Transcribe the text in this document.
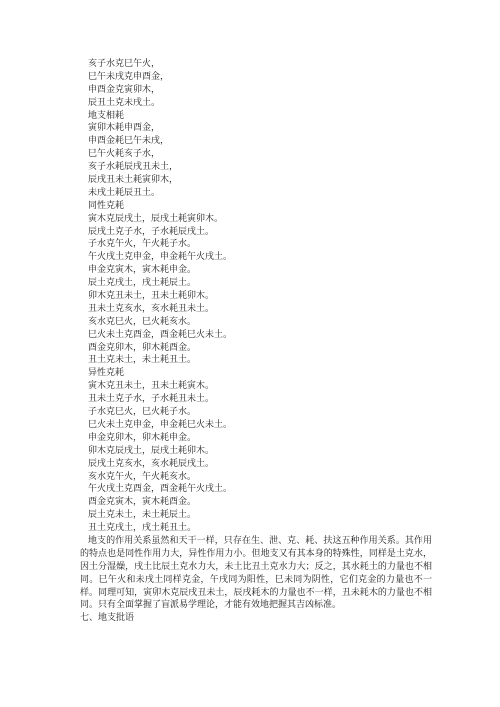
亥子水克巳午火，
巳午未戌克申酉金，
申酉金克寅卯木，
辰丑土克未戌土。
地支相耗
寅卯木耗申酉金，
申酉金耗巳午未戌，
巳午火耗亥子水，
亥子水耗辰戌丑未土，
辰戌丑未土耗寅卯木，
未戌土耗辰丑土。
同性克耗
寅木克辰戌土，辰戌土耗寅卯木。
辰戌土克子水，子水耗辰戌土。
子水克午火，午火耗子水。
午火戌土克申金，申金耗午火戌土。
申金克寅木，寅木耗申金。
辰土克戌土，戌土耗辰土。
卯木克丑未土，丑未土耗卯木。
丑未土克亥水，亥水耗丑未土。
亥水克巳火，巳火耗亥水。
巳火未土克酉金，酉金耗巳火未土。
酉金克卯木，卯木耗酉金。
丑土克未土，未土耗丑土。
异性克耗
寅木克丑未土，丑未土耗寅木。
丑未土克子水，子水耗丑未土。
子水克巳火，巳火耗子水。
巳火未土克申金，申金耗巳火未土。
申金克卯木，卯木耗申金。
卯木克辰戌土，辰戌土耗卯木。
辰戌土克亥水，亥水耗辰戌土。
亥水克午火，午火耗亥水。
午火戌土克酉金，酉金耗午火戌土。
酉金克寅木，寅木耗酉金。
辰土克未土，未土耗辰土。
丑土克戌土，戌土耗丑土。

地支的作用关系虽然和天干一样，只存在生、泄、克、耗、扶这五种作用关系。其作用的特点也是同性作用力大，异性作用力小。但地支又有其本身的特殊性，同样是土克水，因土分湿燥，戌土比辰土克水力大，未土比丑土克水力大；反之，其水耗土的力量也不相同。巳午火和未戌土同样克金，午戌同为阳性，巳未同为阴性，它们克金的力量也不一样。同理可知，寅卯木克辰戌丑未土，辰戌耗木的力量也不一样，丑未耗木的力量也不相同。只有全面掌握了盲派易学理论，才能有效地把握其吉凶标准。

七、地支批语
